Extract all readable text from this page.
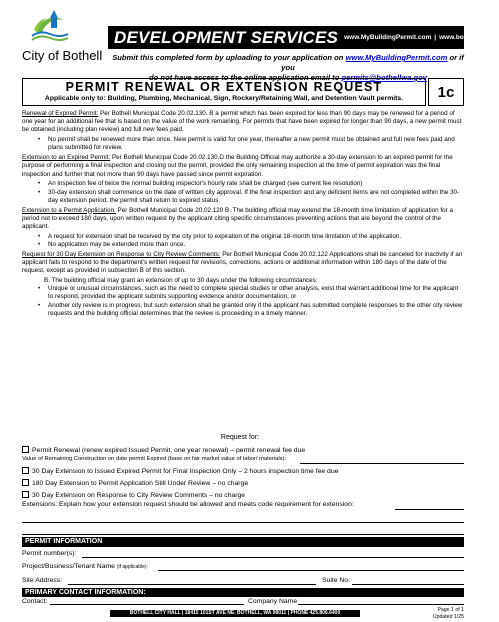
City of Bothell
DEVELOPMENT SERVICES www.MyBuildingPermit.com | www.bothellwa.gov
Submit this completed form by uploading to your application on www.MyBuildingPermit.com or if you
do not have access to the online application email to permits@bothellwa.gov
PERMIT RENEWAL OR EXTENSION REQUEST
Applicable only to: Building, Plumbing, Mechanical, Sign, Rockery/Retaining Wall, and Detention Vault permits.	1c

Renewal of Expired Permit: Per Bothell Municipal Code 20.02.130. B a permit which has been expired for less than 90 days may be renewed for a period of one year for an additional fee that is based on the value of the work remaining. For permits that have been expired for longer than 90 days, a new permit must be obtained (including plan review) and full new fees paid.

• No permit shall be renewed more than once. New permit is valid for one year, thereafter a new permit must be obtained and full new fees paid and plans submitted for review.

Extension to an Expired Permit: Per Bothell Municipal Code 20.02.130.D the Building Official may authorize a 30-day extension to an expired permit for the purpose of performing a final inspection and closing out the permit, provided the only remaining inspection at the time of permit expiration was the final inspection and further that not more than 90 days have passed since permit expiration.

• An inspection fee of twice the normal building inspector's hourly rate shall be charged (see current fee resolution)
• 30-day extension shall commence on the date of written city approval. If the final inspection and any deficient items are not completed within the 30-day extension period, the permit shall return to expired status.

Extension to a Permit Application: Per Bothell Municipal Code 20.02.120 B. The building official may extend the 18-month time limitation of application for a period not to exceed 180 days, upon written request by the applicant citing specific circumstances preventing actions that are beyond the control of the applicant.

• A request for extension shall be received by the city prior to expiration of the original 18-month time limitation of the application.
• No application may be extended more than once.

Request for 30 Day Extension on Response to City Review Comments: Per Bothell Municipal Code 20.02.122 Applications shall be canceled for inactivity if an applicant fails to respond to the department's written request for revisions, corrections, actions or additional information within 180 days of the date of the request, except as provided in subsection B of this section.

B. The building official may grant an extension of up to 30 days under the following circumstances:

• Unique or unusual circumstances, such as the need to complete special studies or other analysis, exist that warrant additional time for the applicant to respond, provided the applicant submits supporting evidence and/or documentation; or
• Another city review is in progress, but such extension shall be granted only if the applicant has submitted complete responses to the other city review requests and the building official determines that the review is proceeding in a timely manner.
Request for:
Permit Renewal (renew expired Issued Permit, one year renewal) – permit renewal fee due
Value of Remaining Construction on date permit Expired (base on fair market value of labor/ materials):
30 Day Extension to Issued Expired Permit for Final Inspection Only – 2 hours inspection time fee due
180 Day Extension to Permit Application Still Under Review – no charge
30 Day Extension on Response to City Review Comments – no charge
Extensions: Explain how your extension request should be allowed and meets code requirement for extension:
PERMIT INFORMATION
Permit number(s):
Project/Business/Tenant Name (if applicable):
Site Address:	Suite No:
PRIMARY CONTACT INFORMATION:
Contact:	Company Name
BOTHELL CITY HALL | 18415 101ST AVE NE, BOTHELL, WA 98011 | PHONE 425.806.6400	Page 1 of 1
Updated 1/25
